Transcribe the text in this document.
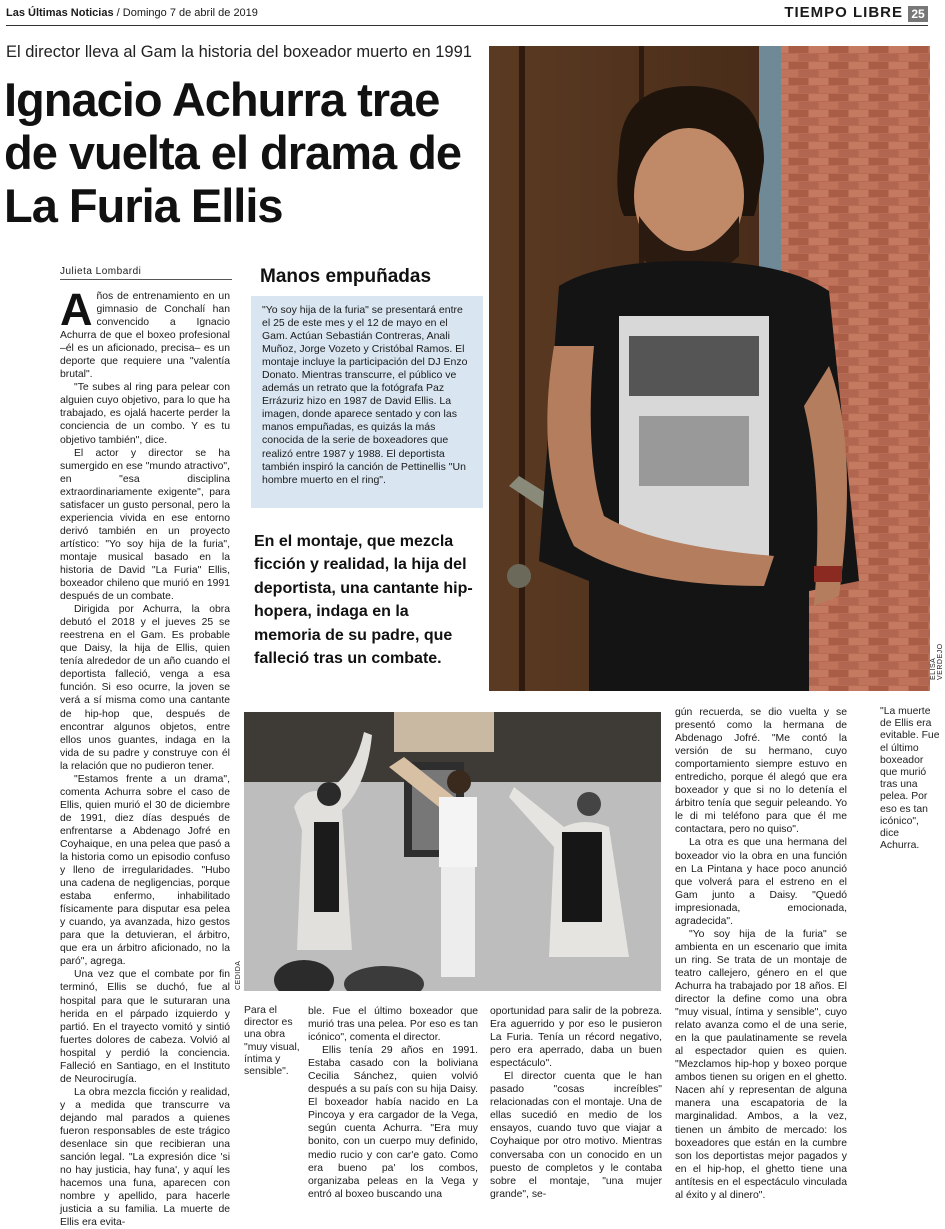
Las Últimas Noticias / Domingo 7 de abril de 2019	TIEMPO LIBRE 25
El director lleva al Gam la historia del boxeador muerto en 1991
Ignacio Achurra trae de vuelta el drama de La Furia Ellis
Julieta Lombardi
A ños de entrenamiento en un gimnasio de Conchalí han convencido a Ignacio Achurra de que el boxeo profesional –él es un aficionado, precisa– es un deporte que requiere una "valentía brutal".

"Te subes al ring para pelear con alguien cuyo objetivo, para lo que ha trabajado, es ojalá hacerte perder la conciencia de un combo. Y es tu objetivo también", dice.

El actor y director se ha sumergido en ese "mundo atractivo", en "esa disciplina extraordinariamente exigente", para satisfacer un gusto personal, pero la experiencia vivida en ese entorno derivó también en un proyecto artístico: "Yo soy hija de la furia", montaje musical basado en la historia de David "La Furia" Ellis, boxeador chileno que murió en 1991 después de un combate.

Dirigida por Achurra, la obra debutó el 2018 y el jueves 25 se reestrena en el Gam. Es probable que Daisy, la hija de Ellis, quien tenía alrededor de un año cuando el deportista falleció, venga a esa función. Si eso ocurre, la joven se verá a sí misma como una cantante de hip-hop que, después de encontrar algunos objetos, entre ellos unos guantes, indaga en la vida de su padre y construye con él la relación que no pudieron tener.

"Estamos frente a un drama", comenta Achurra sobre el caso de Ellis, quien murió el 30 de diciembre de 1991, diez días después de enfrentarse a Abdenago Jofré en Coyhaique, en una pelea que pasó a la historia como un episodio confuso y lleno de irregularidades. "Hubo una cadena de negligencias, porque estaba enfermo, inhabilitado físicamente para disputar esa pelea y cuando, ya avanzada, hizo gestos para que la detuvieran, el árbitro, que era un árbitro aficionado, no la paró", agrega.

Una vez que el combate por fin terminó, Ellis se duchó, fue al hospital para que le suturaran una herida en el párpado izquierdo y partió. En el trayecto vomitó y sintió fuertes dolores de cabeza. Volvió al hospital y perdió la conciencia. Falleció en Santiago, en el Instituto de Neurocirugía.

La obra mezcla ficción y realidad, y a medida que transcurre va dejando mal parados a quienes fueron responsables de este trágico desenlace sin que recibieran una sanción legal. "La expresión dice 'si no hay justicia, hay funa', y aquí les hacemos una funa, aparecen con nombre y apellido, para hacerle justicia a su familia. La muerte de Ellis era evita-

Manos empuñadas
"Yo soy hija de la furia" se presentará entre el 25 de este mes y el 12 de mayo en el Gam. Actúan Sebastián Contreras, Anali Muñoz, Jorge Vozeto y Cristóbal Ramos. El montaje incluye la participación del DJ Enzo Donato. Mientras transcurre, el público ve además un retrato que la fotógrafa Paz Errázuriz hizo en 1987 de David Ellis. La imagen, donde aparece sentado y con las manos empuñadas, es quizás la más conocida de la serie de boxeadores que realizó entre 1987 y 1988. El deportista también inspiró la canción de Pettinellis "Un hombre muerto en el ring".
En el montaje, que mezcla ficción y realidad, la hija del deportista, una cantante hip-hopera, indaga en la memoria de su padre, que falleció tras un combate.	ELISA VERDEJO
CEDIDA
Para el director es una obra "muy visual, íntima y sensible".
"La muerte de Ellis era evitable. Fue el último boxeador que murió tras una pelea. Por eso es tan icónico", dice Achurra.

ble. Fue el último boxeador que murió tras una pelea. Por eso es tan icónico", comenta el director.

Ellis tenía 29 años en 1991. Estaba casado con la boliviana Cecilia Sánchez, quien volvió después a su país con su hija Daisy. El boxeador había nacido en La Pincoya y era cargador de la Vega, según cuenta Achurra. "Era muy bonito, con un cuerpo muy definido, medio rucio y con car'e gato. Como era bueno pa' los combos, organizaba peleas en la Vega y entró al boxeo buscando una

oportunidad para salir de la pobreza. Era aguerrido y por eso le pusieron La Furia. Tenía un récord negativo, pero era aperrado, daba un buen espectáculo".

El director cuenta que le han pasado "cosas increíbles" relacionadas con el montaje. Una de ellas sucedió en medio de los ensayos, cuando tuvo que viajar a Coyhaique por otro motivo. Mientras conversaba con un conocido en un puesto de completos y le contaba sobre el montaje, "una mujer grande", se-

gún recuerda, se dio vuelta y se presentó como la hermana de Abdenago Jofré. "Me contó la versión de su hermano, cuyo comportamiento siempre estuvo en entredicho, porque él alegó que era boxeador y que si no lo detenía el árbitro tenía que seguir peleando. Yo le di mi teléfono para que él me contactara, pero no quiso".

La otra es que una hermana del boxeador vio la obra en una función en La Pintana y hace poco anunció que volverá para el estreno en el Gam junto a Daisy. "Quedó impresionada, emocionada, agradecida".

"Yo soy hija de la furia" se ambienta en un escenario que imita un ring. Se trata de un montaje de teatro callejero, género en el que Achurra ha trabajado por 18 años. El director la define como una obra "muy visual, íntima y sensible", cuyo relato avanza como el de una serie, en la que paulatinamente se revela al espectador quien es quien. "Mezclamos hip-hop y boxeo porque ambos tienen su origen en el ghetto. Nacen ahí y representan de alguna manera una escapatoria de la marginalidad. Ambos, a la vez, tienen un ámbito de mercado: los boxeadores que están en la cumbre son los deportistas mejor pagados y en el hip-hop, el ghetto tiene una antítesis en el espectáculo vinculada al éxito y al dinero".
